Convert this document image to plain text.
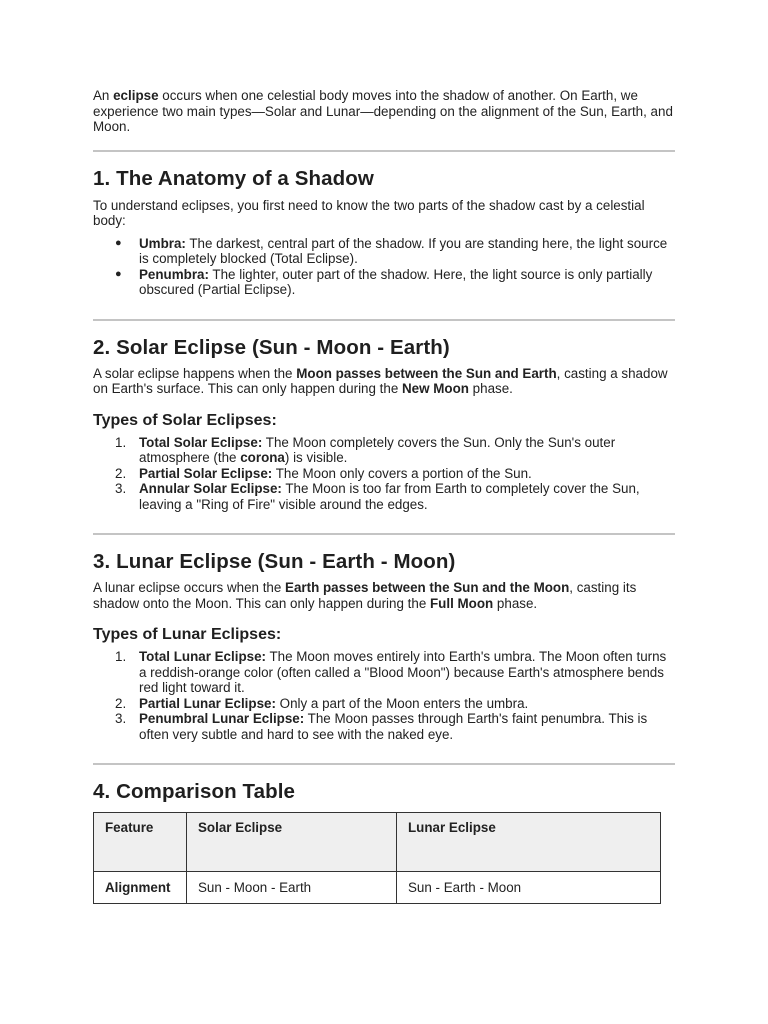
An eclipse occurs when one celestial body moves into the shadow of another. On Earth, we experience two main types—Solar and Lunar—depending on the alignment of the Sun, Earth, and Moon.

1. The Anatomy of a Shadow

To understand eclipses, you first need to know the two parts of the shadow cast by a celestial body:

● Umbra: The darkest, central part of the shadow. If you are standing here, the light source is completely blocked (Total Eclipse).
● Penumbra: The lighter, outer part of the shadow. Here, the light source is only partially obscured (Partial Eclipse).
2. Solar Eclipse (Sun - Moon - Earth)

A solar eclipse happens when the Moon passes between the Sun and Earth, casting a shadow on Earth's surface. This can only happen during the New Moon phase.

Types of Solar Eclipses:
1. Total Solar Eclipse: The Moon completely covers the Sun. Only the Sun's outer atmosphere (the corona) is visible.
2. Partial Solar Eclipse: The Moon only covers a portion of the Sun.
3. Annular Solar Eclipse: The Moon is too far from Earth to completely cover the Sun, leaving a "Ring of Fire" visible around the edges.
3. Lunar Eclipse (Sun - Earth - Moon)

A lunar eclipse occurs when the Earth passes between the Sun and the Moon, casting its shadow onto the Moon. This can only happen during the Full Moon phase.

Types of Lunar Eclipses:
1. Total Lunar Eclipse: The Moon moves entirely into Earth's umbra. The Moon often turns a reddish-orange color (often called a "Blood Moon") because Earth's atmosphere bends red light toward it.
2. Partial Lunar Eclipse: Only a part of the Moon enters the umbra.
3. Penumbral Lunar Eclipse: The Moon passes through Earth's faint penumbra. This is often very subtle and hard to see with the naked eye.
4. Comparison Table
Feature	Solar Eclipse	Lunar Eclipse
Alignment	Sun - Moon - Earth	Sun - Earth - Moon
